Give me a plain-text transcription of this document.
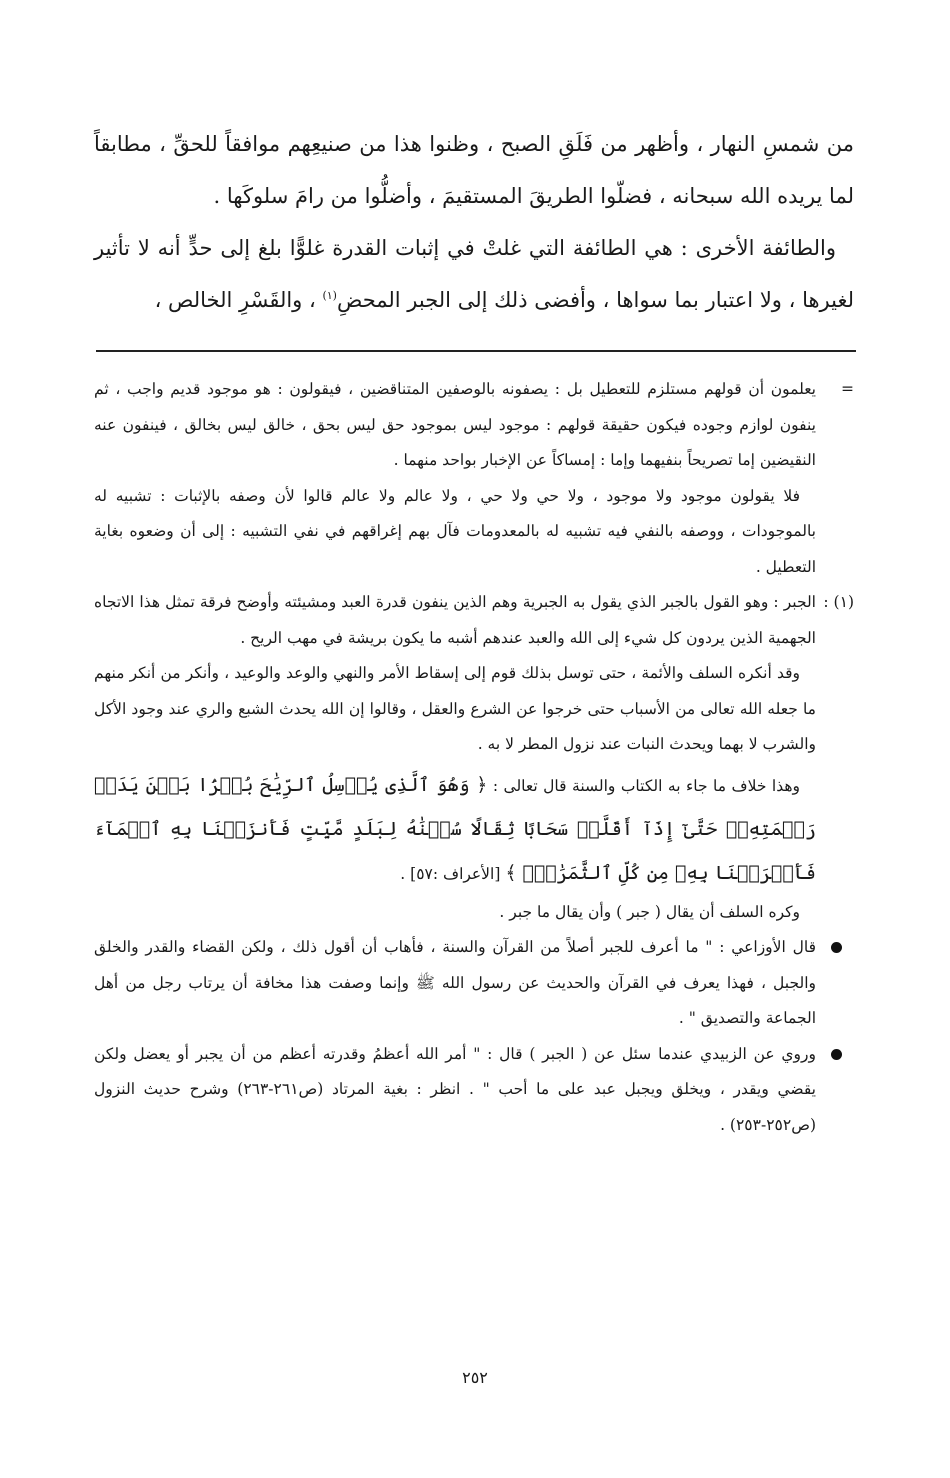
من شمسِ النهار ، وأظهر من فَلَقِ الصبح ، وظنوا هذا من صنيعِهم موافقاً للحقِّ ، مطابقاً لما يريده الله سبحانه ، فضلّوا الطريقَ المستقيمَ ، وأضلُّوا من رامَ سلوكَها .

والطائفة الأخرى : هي الطائفة التي غلتْ في إثبات القدرة غلوًّا بلغ إلى حدٍّ أنه لا تأثير لغيرها ، ولا اعتبار بما سواها ، وأفضى ذلك إلى الجبر المحضِ$^{(١)}$ ، والقَسْرِ الخالص ،

=

يعلمون أن قولهم مستلزم للتعطيل بل : يصفونه بالوصفين المتناقضين ، فيقولون : هو موجود قديم واجب ، ثم ينفون لوازم وجوده فيكون حقيقة قولهم : موجود ليس بموجود حق ليس بحق ، خالق ليس بخالق ، فينفون عنه النقيضين إما تصريحاً بنفيهما وإما : إمساكاً عن الإخبار بواحد منهما .

فلا يقولون موجود ولا موجود ، ولا حي ولا حي ، ولا عالم ولا عالم قالوا لأن وصفه بالإثبات : تشبيه له بالموجودات ، ووصفه بالنفي فيه تشبيه له بالمعدومات فآل بهم إغراقهم في نفي التشبيه : إلى أن وضعوه بغاية التعطيل .

(١) :

الجبر : وهو القول بالجبر الذي يقول به الجبرية وهم الذين ينفون قدرة العبد ومشيئته وأوضح فرقة تمثل هذا الاتجاه الجهمية الذين يردون كل شيء إلى الله والعبد عندهم أشبه ما يكون بريشة في مهب الريح .

وقد أنكره السلف والأئمة ، حتى توسل بذلك قوم إلى إسقاط الأمر والنهي والوعد والوعيد ، وأنكر من أنكر منهم ما جعله الله تعالى من الأسباب حتى خرجوا عن الشرع والعقل ، وقالوا إن الله يحدث الشبع والري عند وجود الأكل والشرب لا بهما ويحدث النبات عند نزول المطر لا به .

وهذا خلاف ما جاء به الكتاب والسنة قال تعالى : ﴿ وَهُوَ ٱلَّذِى يُرۡسِلُ ٱلرِّيَٰحَ بُشۡرَۢا بَيۡنَ يَدَىۡ رَحۡمَتِهِۦۖ حَتَّىٰٓ إِذَآ أَقَلَّتۡ سَحَابًا ثِقَالًا سُقۡنَٰهُ لِبَلَدٍ مَّيِّتٍ فَأَنزَلۡنَا بِهِ ٱلۡمَآءَ فَأَخۡرَجۡنَا بِهِۦ مِن كُلِّ ٱلثَّمَرَٰتِۚ ﴾ [الأعراف :٥٧] .

وكره السلف أن يقال ( جبر ) وأن يقال ما جبر .

قال الأوزاعي : " ما أعرف للجبر أصلاً من القرآن والسنة ، فأهاب أن أقول ذلك ، ولكن القضاء والقدر والخلق والجبل ، فهذا يعرف في القرآن والحديث عن رسول الله ﷺ وإنما وصفت هذا مخافة أن يرتاب رجل من أهل الجماعة والتصديق " .

وروي عن الزبيدي عندما سئل عن ( الجبر ) قال : " أمر الله أعظمُ وقدرته أعظم من أن يجبر أو يعضل ولكن يقضي ويقدر ، ويخلق ويجبل عبد على ما أحب " . انظر : بغية المرتاد (ص٢٦١-٢٦٣) وشرح حديث النزول (ص٢٥٢-٢٥٣) .

٢٥٢
